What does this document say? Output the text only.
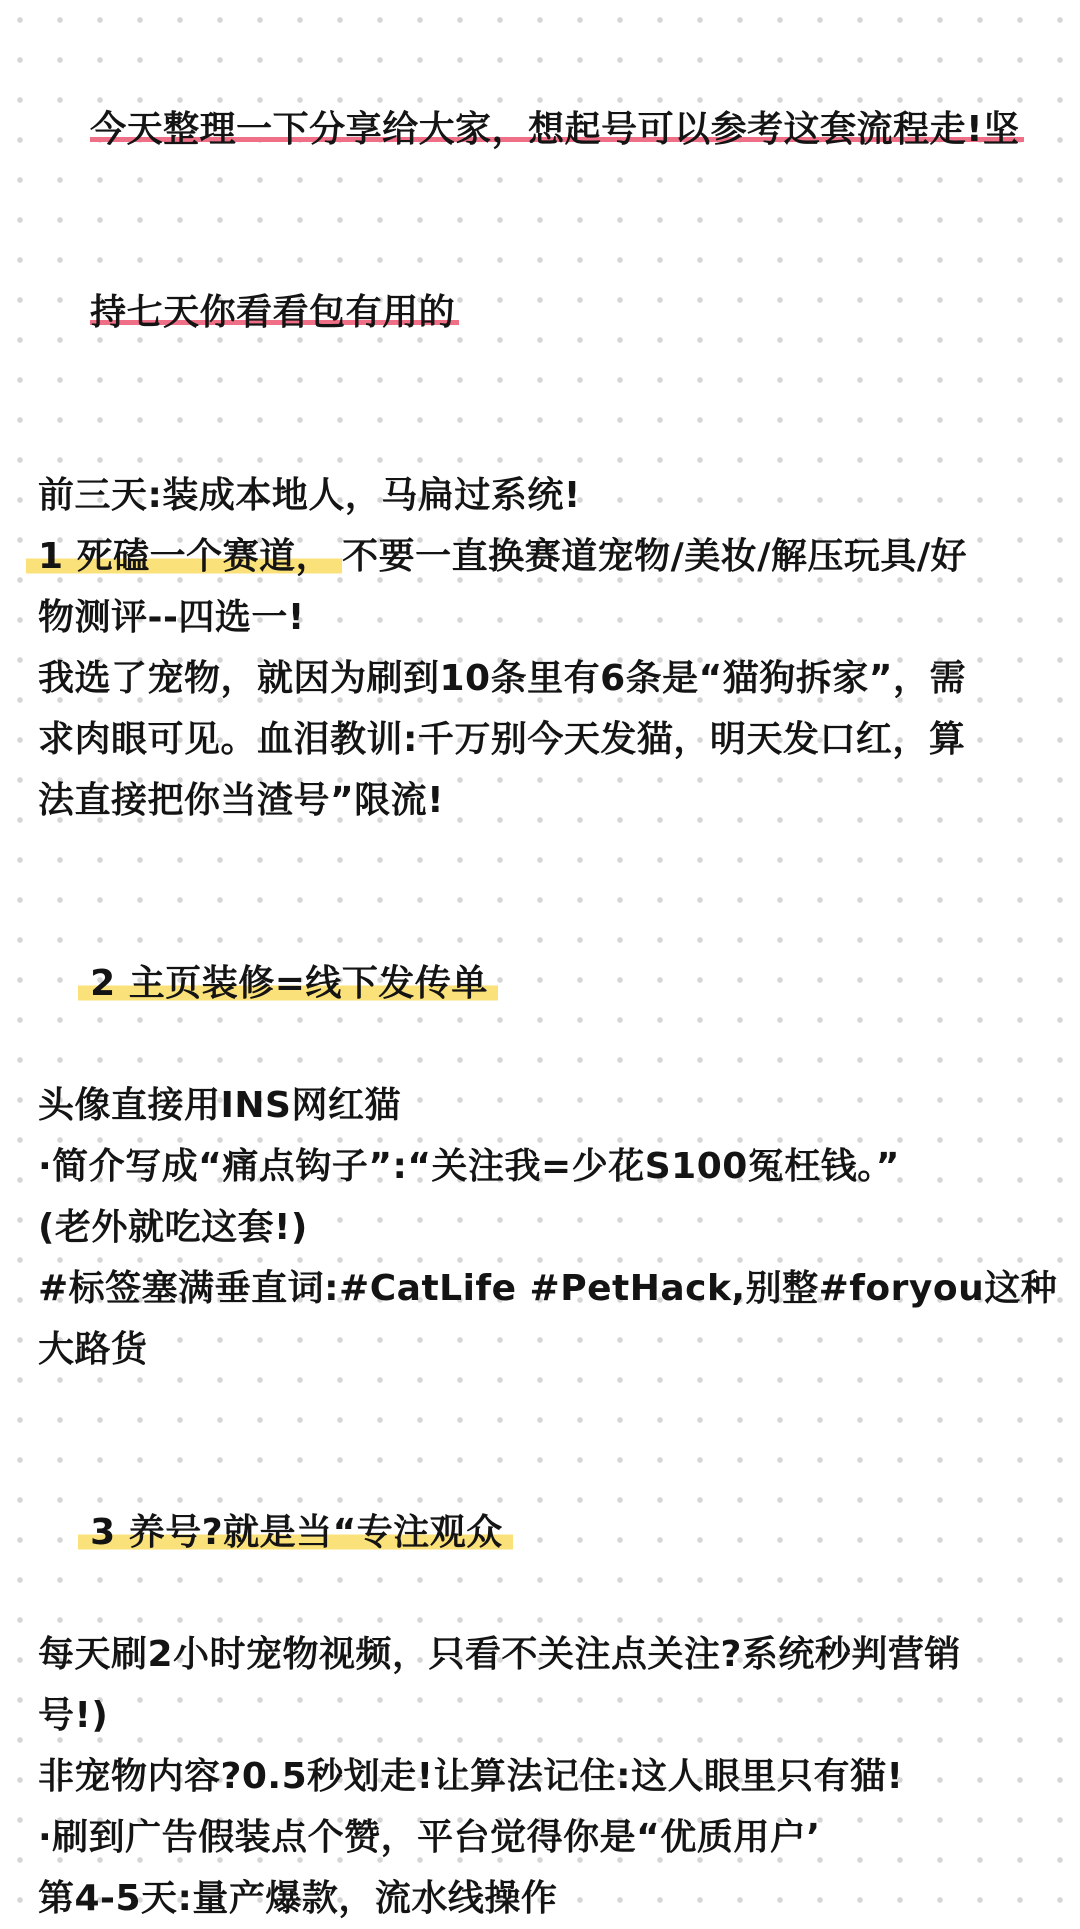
今天整理一下分享给大家，想起号可以参考这套流程走!坚

持七天你看看包有用的

前三天:装成本地人，马扁过系统!
1 死磕一个赛道， 不要一直换赛道宠物/美妆/解压玩具/好
物测评--四选一!
我选了宠物，就因为刷到10条里有6条是“猫狗拆家”，需
求肉眼可见。血泪教训:千万别今天发猫，明天发口红，算
法直接把你当渣号”限流!

2 主页装修=线下发传单

头像直接用INS网红猫
·简介写成“痛点钩子”:“关注我=少花S100冤枉钱。”
(老外就吃这套!)
#标签塞满垂直词:#CatLife #PetHack,别整#foryou这种
大路货

3 养号?就是当“专注观众

每天刷2小时宠物视频，只看不关注点关注?系统秒判营销
号!)
非宠物内容?0.5秒划走!让算法记住:这人眼里只有猫!
·刷到广告假装点个赞，平台觉得你是“优质用户’
第4-5天:量产爆款，流水线操作
